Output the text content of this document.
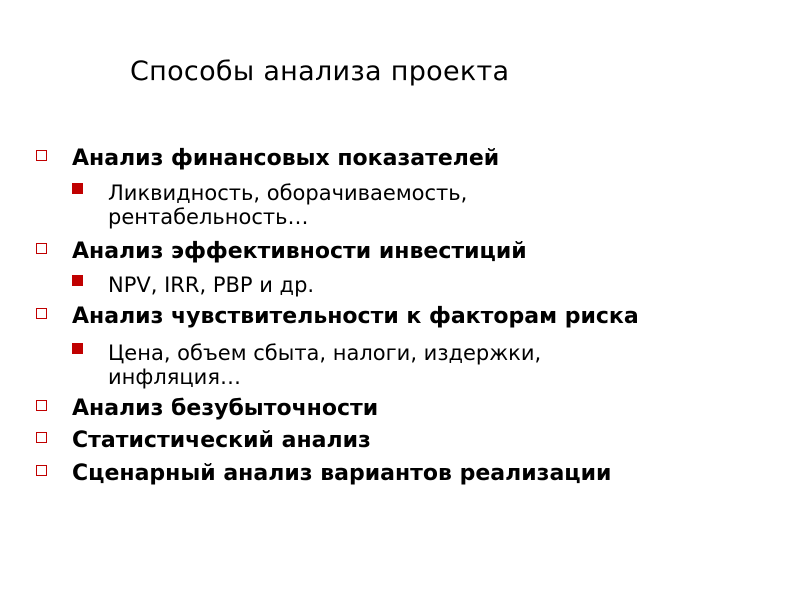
Способы анализа проекта
Анализ финансовых показателей
Ликвидность, оборачиваемость,
рентабельность…
Анализ эффективности инвестиций
NPV, IRR, PBP и др.
Анализ чувствительности к факторам риска
Цена, объем сбыта, налоги, издержки,
инфляция…
Анализ безубыточности
Статистический анализ
Сценарный анализ вариантов реализации
